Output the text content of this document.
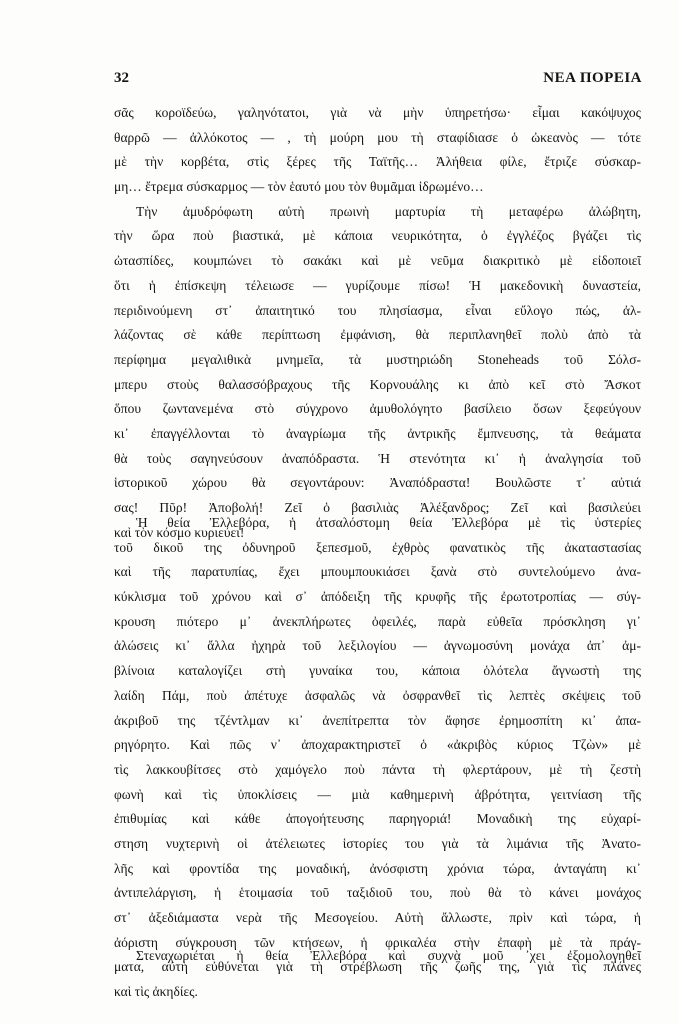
32	ΝΕΑ ΠΟΡΕΙΑ
σᾶς κοροϊδεύω, γαληνότατοι, γιὰ νὰ μὴν ὑπηρετήσω· εἶμαι κακόψυχος
θαρρῶ — ἀλλόκοτος — , τὴ μούρη μου τὴ σταφίδιασε ὁ ὠκεανὸς — τότε
μὲ τὴν κορβέτα, στὶς ξέρες τῆς Ταϊτῆς… Ἀλήθεια φίλε, ἔτριζε σύσκαρ-
μη… ἔτρεμα σύσκαρμος — τὸν ἑαυτό μου τὸν θυμᾶμαι ἱδρωμένο…
Τὴν ἀμυδρόφωτη αὐτὴ πρωινὴ μαρτυρία τὴ μεταφέρω ἀλώβητη,
τὴν ὥρα ποὺ βιαστικά, μὲ κάποια νευρικότητα, ὁ ἐγγλέζος βγάζει τὶς
ὠτασπίδες, κουμπώνει τὸ σακάκι καὶ μὲ νεῦμα διακριτικὸ μὲ εἰδοποιεῖ
ὅτι ἡ ἐπίσκεψη τέλειωσε — γυρίζουμε πίσω! Ἡ μακεδονικὴ δυναστεία,
περιδινούμενη στ᾽ ἀπαιτητικό του πλησίασμα, εἶναι εὔλογο πώς, ἀλ-
λάζοντας σὲ κάθε περίπτωση ἐμφάνιση, θὰ περιπλανηθεῖ πολὺ ἀπὸ τὰ
περίφημα μεγαλιθικὰ μνημεῖα, τὰ μυστηριώδη Stoneheads τοῦ Σόλσ-
μπερυ στοὺς θαλασσόβραχους τῆς Κορνουάλης κι ἀπὸ κεῖ στὸ Ἄσκοτ
ὅπου ζωντανεμένα στὸ σύγχρονο ἀμυθολόγητο βασίλειο ὅσων ξεφεύγουν
κι᾽ ἐπαγγέλλονται τὸ ἀναγρίωμα τῆς ἀντρικῆς ἔμπνευσης, τὰ θεάματα
θὰ τοὺς σαγηνεύσουν ἀναπόδραστα. Ἡ στενότητα κι᾽ ἡ ἀναλγησία τοῦ
ἱστορικοῦ χώρου θὰ σεγοντάρουν: Ἀναπόδραστα! Βουλῶστε τ᾽ αὐτιά
σας! Πῦρ! Ἀποβολή! Ζεῖ ὁ βασιλιὰς Ἀλέξανδρος; Ζεῖ καὶ βασιλεύει
καὶ τὸν κόσμο κυριεύει!
Ἡ θεία Ἐλλεβόρα, ἡ ἀτσαλόστομη θεία Ἐλλεβόρα μὲ τὶς ὑστερίες
τοῦ δικοῦ της ὀδυνηροῦ ξεπεσμοῦ, ἐχθρὸς φανατικὸς τῆς ἀκαταστασίας
καὶ τῆς παρατυπίας, ἔχει μπουμπουκιάσει ξανὰ στὸ συντελούμενο ἀνα-
κύκλισμα τοῦ χρόνου καὶ σ᾽ ἀπόδειξη τῆς κρυφῆς τῆς ἐρωτοτροπίας — σύγ-
κρουση πιότερο μ᾽ ἀνεκπλήρωτες ὀφειλές, παρὰ εὐθεῖα πρόσκληση γι᾽
ἀλώσεις κι᾽ ἄλλα ἠχηρὰ τοῦ λεξιλογίου — ἀγνωμοσύνη μονάχα ἀπ᾽ ἀμ-
βλίνοια καταλογίζει στὴ γυναίκα του, κάποια ὁλότελα ἄγνωστὴ της
λαίδη Πάμ, ποὺ ἀπέτυχε ἀσφαλῶς νὰ ὀσφρανθεῖ τὶς λεπτὲς σκέψεις τοῦ
ἀκριβοῦ της τζέντλμαν κι᾽ ἀνεπίτρεπτα τὸν ἄφησε ἐρημοσπίτη κι᾽ ἀπα-
ρηγόρητο. Καὶ πῶς ν᾽ ἀποχαρακτηριστεῖ ὁ «ἀκριβὸς κύριος Τζὼν» μὲ
τὶς λακκουβίτσες στὸ χαμόγελο ποὺ πάντα τὴ φλερτάρουν, μὲ τὴ ζεστὴ
φωνὴ καὶ τὶς ὑποκλίσεις — μιὰ καθημερινὴ ἀβρότητα, γειτνίαση τῆς
ἐπιθυμίας καὶ κάθε ἀπογοήτευσης παρηγοριά! Μοναδικὴ της εὐχαρί-
στηση νυχτερινὴ οἱ ἀτέλειωτες ἱστορίες του γιὰ τὰ λιμάνια τῆς Ἀνατο-
λῆς καὶ φροντίδα της μοναδική, ἀνόσφιστη χρόνια τώρα, ἀνταγάπη κι᾽
ἀντιπελάργιση, ἡ ἑτοιμασία τοῦ ταξιδιοῦ του, ποὺ θὰ τὸ κάνει μονάχος
στ᾽ ἀξεδιάμαστα νερὰ τῆς Μεσογείου. Αὐτὴ ἄλλωστε, πρὶν καὶ τώρα, ἡ
ἀόριστη σύγκρουση τῶν κτήσεων, ἡ φρικαλέα στὴν ἐπαφὴ μὲ τὰ πράγ-
ματα, αὐτὴ εὐθύνεται γιὰ τὴ στρέβλωση τῆς ζωῆς της, γιὰ τὶς πλάνες
καὶ τὶς ἀκηδίες.
Στεναχωριέται ἡ θεία Ἐλλεβόρα καὶ συχνὰ μοῦ ᾽χει ἐξομολογηθεῖ
